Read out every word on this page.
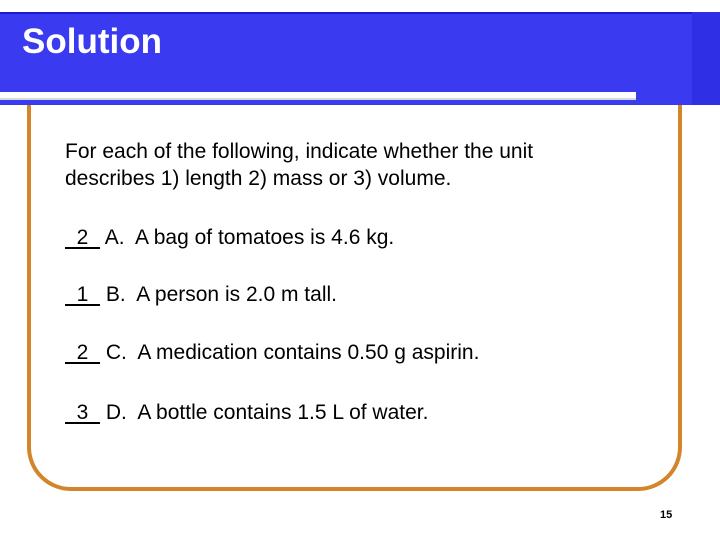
Solution

For each of the following, indicate whether the unit

describes 1) length 2) mass or 3) volume.

2   A.  A bag of tomatoes is 4.6 kg.
1   B.  A person is 2.0 m tall.
2   C.  A medication contains 0.50 g aspirin.
3   D.  A bottle contains 1.5 L of water.
15
